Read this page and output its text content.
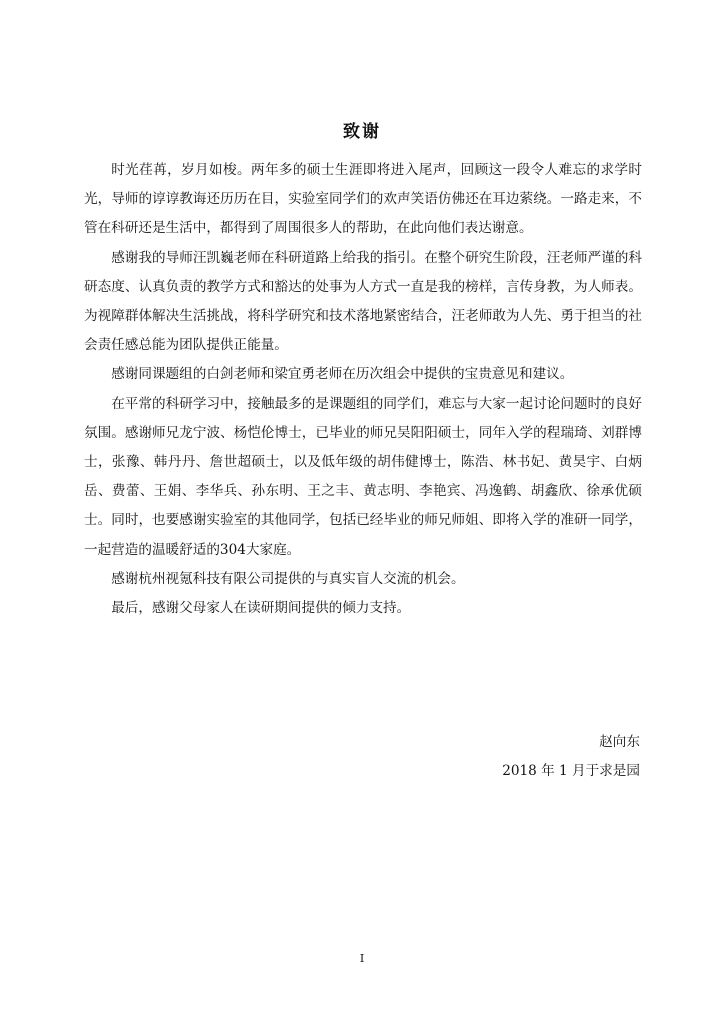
致谢

时光荏苒，岁月如梭。两年多的硕士生涯即将进入尾声，回顾这一段令人难忘的求学时光，导师的谆谆教诲还历历在目，实验室同学们的欢声笑语仿佛还在耳边萦绕。一路走来，不管在科研还是生活中，都得到了周围很多人的帮助，在此向他们表达谢意。

感谢我的导师汪凯巍老师在科研道路上给我的指引。在整个研究生阶段，汪老师严谨的科研态度、认真负责的教学方式和豁达的处事为人方式一直是我的榜样，言传身教，为人师表。为视障群体解决生活挑战，将科学研究和技术落地紧密结合，汪老师敢为人先、勇于担当的社会责任感总能为团队提供正能量。

感谢同课题组的白剑老师和梁宜勇老师在历次组会中提供的宝贵意见和建议。

在平常的科研学习中，接触最多的是课题组的同学们，难忘与大家一起讨论问题时的良好氛围。感谢师兄龙宁波、杨恺伦博士，已毕业的师兄吴阳阳硕士，同年入学的程瑞琦、刘群博士，张豫、韩丹丹、詹世超硕士，以及低年级的胡伟健博士，陈浩、林书妃、黄昊宇、白炳岳、费蕾、王娟、李华兵、孙东明、王之丰、黄志明、李艳宾、冯逸鹤、胡鑫欣、徐承优硕士。同时，也要感谢实验室的其他同学，包括已经毕业的师兄师姐、即将入学的准研一同学，一起营造的温暖舒适的304大家庭。

感谢杭州视氪科技有限公司提供的与真实盲人交流的机会。

最后，感谢父母家人在读研期间提供的倾力支持。

赵向东
2018 年 1 月于求是园
I
